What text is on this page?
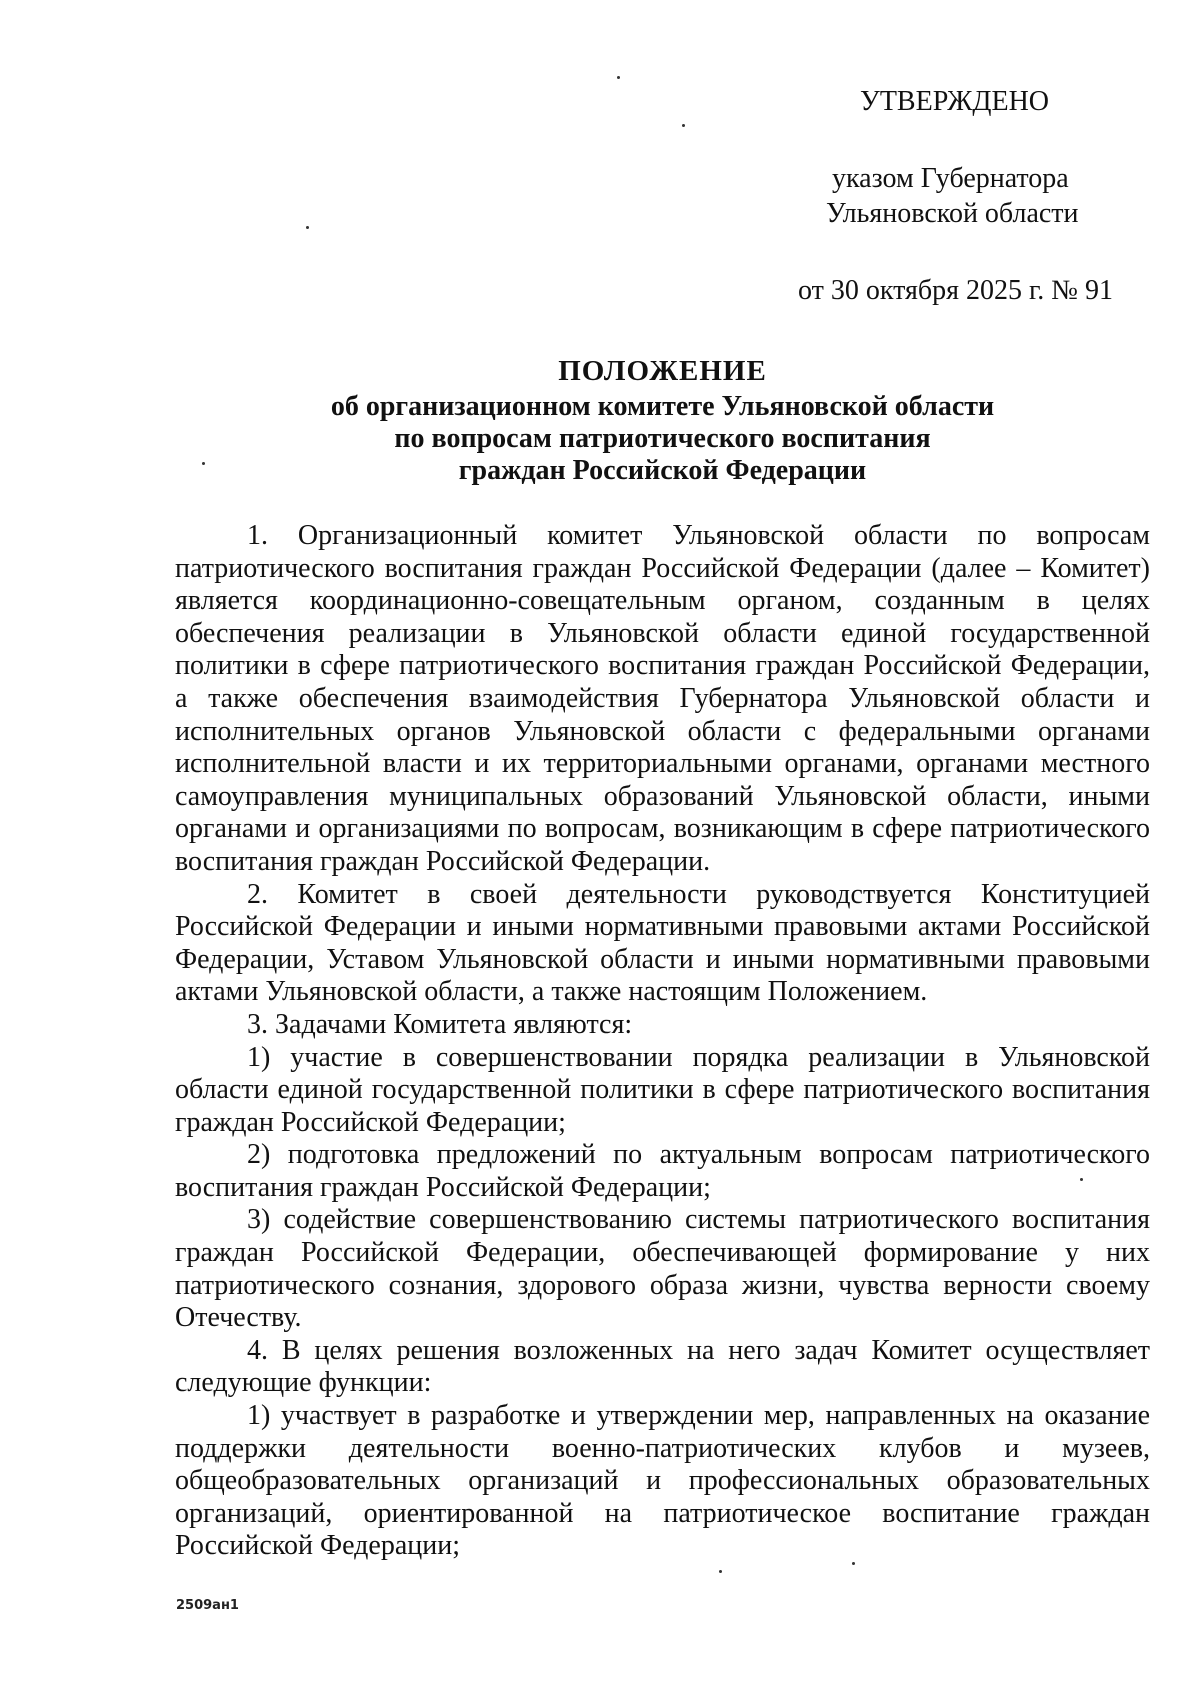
УТВЕРЖДЕНО
указом Губернатора
Ульяновской области
от 30 октября 2025 г. № 91
ПОЛОЖЕНИЕ
об организационном комитете Ульяновской области
по вопросам патриотического воспитания
граждан Российской Федерации

1. Организационный комитет Ульяновской области по вопросам патриотического воспитания граждан Российской Федерации (далее – Комитет) является координационно-совещательным органом, созданным в целях обеспечения реализации в Ульяновской области единой государственной политики в сфере патриотического воспитания граждан Российской Федерации, а также обеспечения взаимодействия Губернатора Ульяновской области и исполнительных органов Ульяновской области с федеральными органами исполнительной власти и их территориальными органами, органами местного самоуправления муниципальных образований Ульяновской области, иными органами и организациями по вопросам, возникающим в сфере патриотического воспитания граждан Российской Федерации.

2. Комитет в своей деятельности руководствуется Конституцией Российской Федерации и иными нормативными правовыми актами Российской Федерации, Уставом Ульяновской области и иными нормативными правовыми актами Ульяновской области, а также настоящим Положением.

3. Задачами Комитета являются:

1) участие в совершенствовании порядка реализации в Ульяновской области единой государственной политики в сфере патриотического воспитания граждан Российской Федерации;

2) подготовка предложений по актуальным вопросам патриотического воспитания граждан Российской Федерации;

3) содействие совершенствованию системы патриотического воспитания граждан Российской Федерации, обеспечивающей формирование у них патриотического сознания, здорового образа жизни, чувства верности своему Отечеству.

4. В целях решения возложенных на него задач Комитет осуществляет следующие функции:

1) участвует в разработке и утверждении мер, направленных на оказание поддержки деятельности военно-патриотических клубов и музеев, общеобразовательных организаций и профессиональных образовательных организаций, ориентированной на патриотическое воспитание граждан Российской Федерации;

2509ан1
